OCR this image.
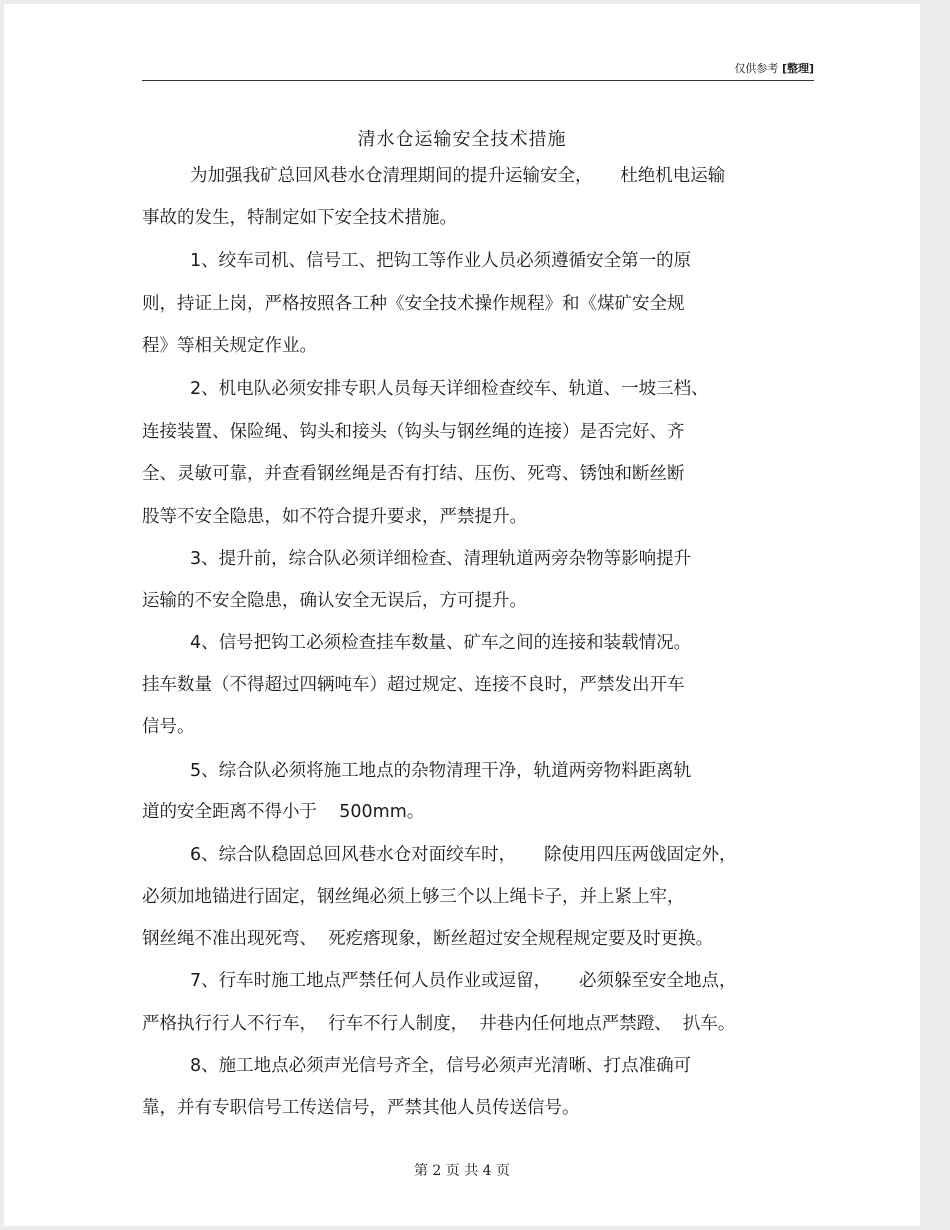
仅供参考 [整理]
清水仓运输安全技术措施
为加强我矿总回风巷水仓清理期间的提升运输安全，     杜绝机电运输
事故的发生，特制定如下安全技术措施。
1、绞车司机、信号工、把钩工等作业人员必须遵循安全第一的原
则，持证上岗，严格按照各工种《安全技术操作规程》和《煤矿安全规
程》等相关规定作业。
2、机电队必须安排专职人员每天详细检查绞车、轨道、一坡三档、
连接装置、保险绳、钩头和接头（钩头与钢丝绳的连接）是否完好、齐
全、灵敏可靠，并查看钢丝绳是否有打结、压伤、死弯、锈蚀和断丝断
股等不安全隐患，如不符合提升要求，严禁提升。
3、提升前，综合队必须详细检查、清理轨道两旁杂物等影响提升
运输的不安全隐患，确认安全无误后，方可提升。
4、信号把钩工必须检查挂车数量、矿车之间的连接和装载情况。
挂车数量（不得超过四辆吨车）超过规定、连接不良时，严禁发出开车
信号。
5、综合队必须将施工地点的杂物清理干净，轨道两旁物料距离轨
道的安全距离不得小于    500mm。
6、综合队稳固总回风巷水仓对面绞车时，     除使用四压两戗固定外，
必须加地锚进行固定，钢丝绳必须上够三个以上绳卡子，并上紧上牢，
钢丝绳不准出现死弯、  死疙瘩现象，断丝超过安全规程规定要及时更换。
7、行车时施工地点严禁任何人员作业或逗留，     必须躲至安全地点，
严格执行行人不行车，  行车不行人制度，  井巷内任何地点严禁蹬、  扒车。
8、施工地点必须声光信号齐全，信号必须声光清晰、打点准确可
靠，并有专职信号工传送信号，严禁其他人员传送信号。
第 2 页 共 4 页
